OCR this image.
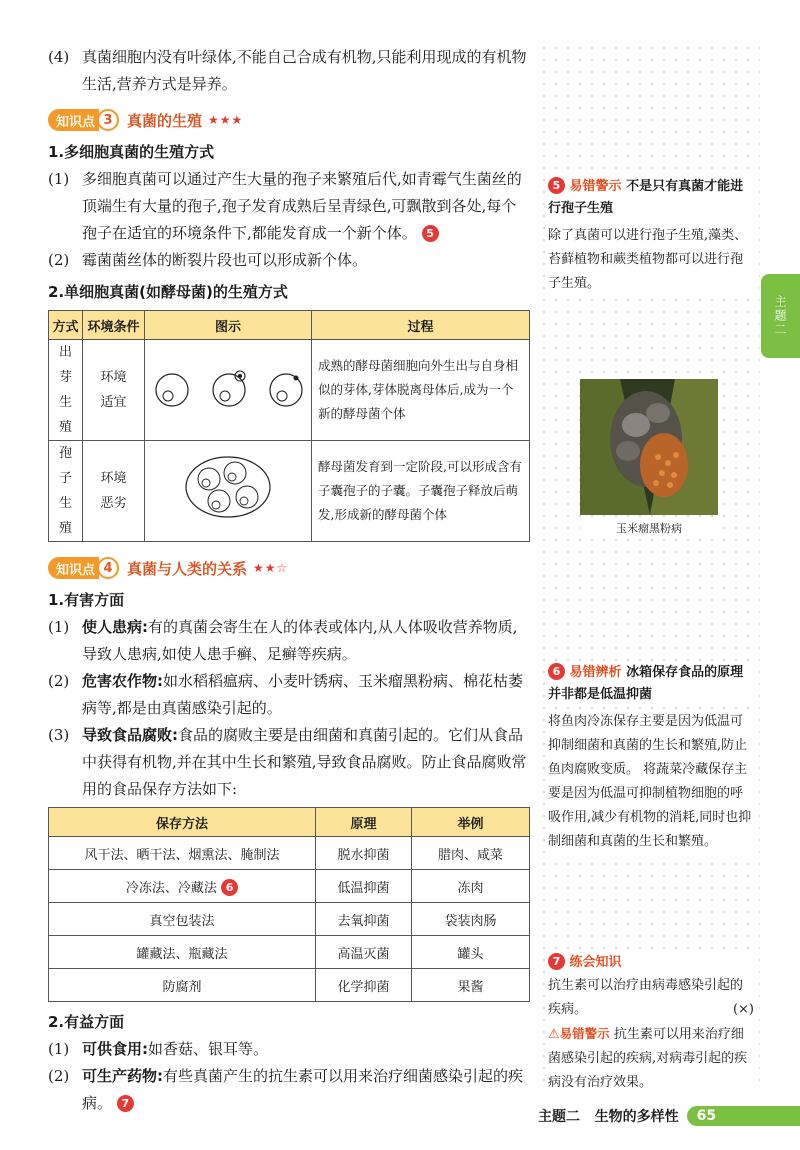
(4) 真菌细胞内没有叶绿体,不能自己合成有机物,只能利用现成的有机物生活,营养方式是异养。
知识点 3 真菌的生殖 ★★★
1.多细胞真菌的生殖方式
(1) 多细胞真菌可以通过产生大量的孢子来繁殖后代,如青霉气生菌丝的顶端生有大量的孢子,孢子发育成熟后呈青绿色,可飘散到各处,每个孢子在适宜的环境条件下,都能发育成一个新个体。 5
(2) 霉菌菌丝体的断裂片段也可以形成新个体。
2.单细胞真菌(如酵母菌)的生殖方式
方式	环境条件	图示	过程
出芽生殖	环境适宜		成熟的酵母菌细胞向外生出与自身相似的芽体,芽体脱离母体后,成为一个新的酵母菌个体
孢子生殖	环境恶劣		酵母菌发育到一定阶段,可以形成含有子囊孢子的子囊。子囊孢子释放后萌发,形成新的酵母菌个体
知识点 4 真菌与人类的关系 ★★☆
1.有害方面
(1) 使人患病:有的真菌会寄生在人的体表或体内,从人体吸收营养物质,导致人患病,如使人患手癣、足癣等疾病。
(2) 危害农作物:如水稻稻瘟病、小麦叶锈病、玉米瘤黑粉病、棉花枯萎病等,都是由真菌感染引起的。
(3) 导致食品腐败:食品的腐败主要是由细菌和真菌引起的。它们从食品中获得有机物,并在其中生长和繁殖,导致食品腐败。防止食品腐败常用的食品保存方法如下:
保存方法	原理	举例
风干法、晒干法、烟熏法、腌制法	脱水抑菌	腊肉、咸菜
冷冻法、冷藏法 6	低温抑菌	冻肉
真空包装法	去氧抑菌	袋装肉肠
罐藏法、瓶藏法	高温灭菌	罐头
防腐剂	化学抑菌	果酱
2.有益方面
(1) 可供食用:如香菇、银耳等。
(2) 可生产药物:有些真菌产生的抗生素可以用来治疗细菌感染引起的疾病。 7
5 易错警示 不是只有真菌才能进行孢子生殖
除了真菌可以进行孢子生殖,藻类、苔藓植物和蕨类植物都可以进行孢子生殖。
玉米瘤黑粉病
6 易错辨析 冰箱保存食品的原理并非都是低温抑菌
将鱼肉冷冻保存主要是因为低温可抑制细菌和真菌的生长和繁殖,防止鱼肉腐败变质。 将蔬菜冷藏保存主要是因为低温可抑制植物细胞的呼吸作用,减少有机物的消耗,同时也抑制细菌和真菌的生长和繁殖。
7 练会知识
抗生素可以治疗由病毒感染引起的疾病。	(×)
⚠易错警示 抗生素可以用来治疗细菌感染引起的疾病,对病毒引起的疾病没有治疗效果。
主题二
主题二   生物的多样性	65
